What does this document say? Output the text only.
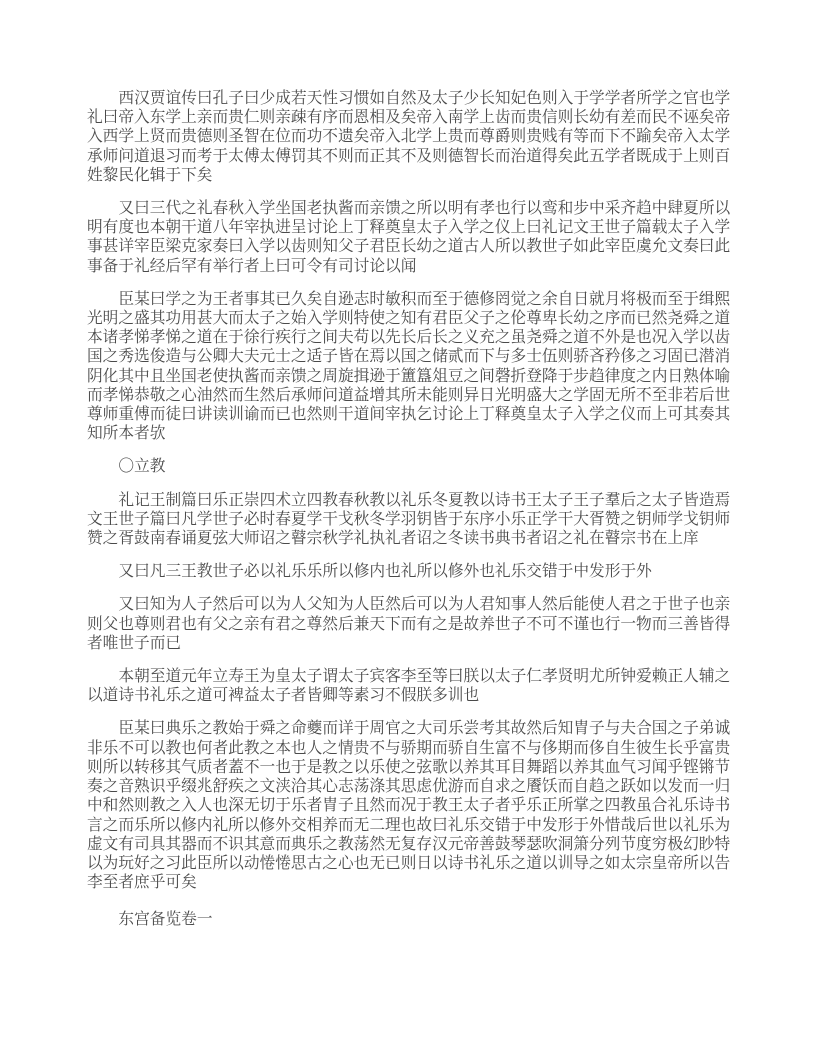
西汉贾谊传曰孔子曰少成若天性习惯如自然及太子少长知妃色则入于学学者所学之官也学礼曰帝入东学上亲而贵仁则亲疎有序而恩相及矣帝入南学上齿而贵信则长幼有差而民不诬矣帝入西学上贤而贵德则圣智在位而功不遗矣帝入北学上贵而尊爵则贵贱有等而下不踰矣帝入太学承师问道退习而考于太傅太傅罚其不则而正其不及则德智长而治道得矣此五学者既成于上则百姓黎民化辑于下矣

又曰三代之礼春秋入学坐国老执酱而亲馈之所以明有孝也行以鸾和步中采齐趋中肆夏所以明有度也本朝干道八年宰执进呈讨论上丁释奠皇太子入学之仪上曰礼记文王世子篇载太子入学事甚详宰臣梁克家奏曰入学以齿则知父子君臣长幼之道古人所以教世子如此宰臣虞允文奏曰此事备于礼经后罕有举行者上曰可令有司讨论以闻

臣某曰学之为王者事其已久矣自逊志时敏积而至于德修罔觉之余自日就月将极而至于缉熙光明之盛其功用甚大而太子之始入学则特使之知有君臣父子之伦尊卑长幼之序而已然尧舜之道本诸孝悌孝悌之道在于徐行疾行之间夫苟以先长后长之义充之虽尧舜之道不外是也况入学以齿国之秀选俊造与公卿大夫元士之适子皆在焉以国之储贰而下与多士伍则骄吝矜侈之习固已潜消阴化其中且坐国老使执酱而亲馈之周旋揖逊于簠簋俎豆之间磬折登降于步趋律度之内日熟体喻而孝悌恭敬之心油然而生然后承师问道益增其所未能则异日光明盛大之学固无所不至非若后世尊师重傅而徒曰讲读训谕而已也然则干道间宰执乞讨论上丁释奠皇太子入学之仪而上可其奏其知所本者欤

〇立教

礼记王制篇曰乐正崇四术立四教春秋教以礼乐冬夏教以诗书王太子王子羣后之太子皆造焉文王世子篇曰凡学世子必时春夏学干戈秋冬学羽钥皆于东序小乐正学干大胥赞之钥师学戈钥师赞之胥鼓南春诵夏弦大师诏之瞽宗秋学礼执礼者诏之冬读书典书者诏之礼在瞽宗书在上庠

又曰凡三王教世子必以礼乐乐所以修内也礼所以修外也礼乐交错于中发形于外

又曰知为人子然后可以为人父知为人臣然后可以为人君知事人然后能使人君之于世子也亲则父也尊则君也有父之亲有君之尊然后兼天下而有之是故养世子不可不谨也行一物而三善皆得者唯世子而已

本朝至道元年立寿王为皇太子谓太子宾客李至等曰朕以太子仁孝贤明尤所钟爱赖正人辅之以道诗书礼乐之道可裨益太子者皆卿等素习不假朕多训也

臣某曰典乐之教始于舜之命夔而详于周官之大司乐尝考其故然后知胄子与夫合国之子弟诚非乐不可以教也何者此教之本也人之情贵不与骄期而骄自生富不与侈期而侈自生彼生长乎富贵则所以转移其气质者蓋不一也于是教之以乐使之弦歌以养其耳目舞蹈以养其血气习闻乎铿锵节奏之音熟识乎缀兆舒疾之文浃洽其心志荡涤其思虑优游而自求之餍饫而自趋之跃如以发而一归中和然则教之入人也深无切于乐者胄子且然而况于教王太子者乎乐正所掌之四教虽合礼乐诗书言之而乐所以修内礼所以修外交相养而无二理也故曰礼乐交错于中发形于外惜哉后世以礼乐为虚文有司具其器而不识其意而典乐之教荡然无复存汉元帝善鼓琴瑟吹洞箫分列节度穷极幻眇特以为玩好之习此臣所以动惓惓思古之心也无已则日以诗书礼乐之道以训导之如太宗皇帝所以告李至者庶乎可矣

东宫备览卷一
